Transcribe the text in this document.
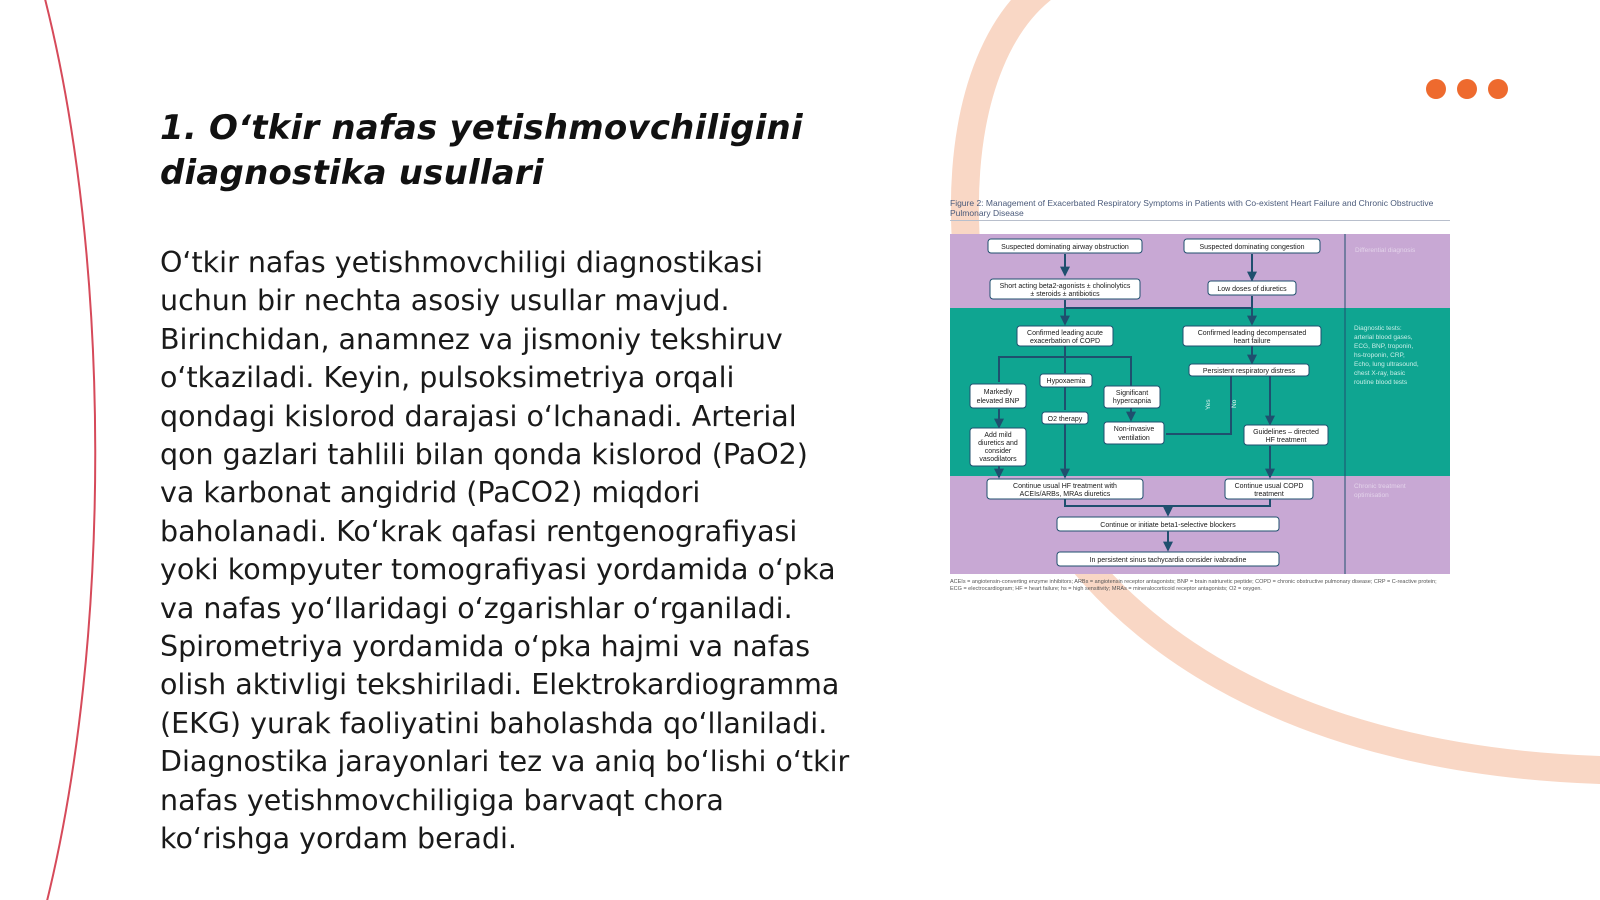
1. O‘tkir nafas yetishmovchiligini diagnostika usullari

O‘tkir nafas yetishmovchiligi diagnostikasi uchun bir nechta asosiy usullar mavjud. Birinchidan, anamnez va jismoniy tekshiruv o‘tkaziladi. Keyin, pulsoksimetriya orqali qondagi kislorod darajasi o‘lchanadi. Arterial qon gazlari tahlili bilan qonda kislorod (PaO2) va karbonat angidrid (PaCO2) miqdori baholanadi. Ko‘krak qafasi rentgenografiyasi yoki kompyuter tomografiyasi yordamida o‘pka va nafas yo‘llaridagi o‘zgarishlar o‘rganiladi. Spirometriya yordamida o‘pka hajmi va nafas olish aktivligi tekshiriladi. Elektrokardiogramma (EKG) yurak faoliyatini baholashda qo‘llaniladi. Diagnostika jarayonlari tez va aniq bo‘lishi o‘tkir nafas yetishmovchiligiga barvaqt chora ko‘rishga yordam beradi.

Figure 2: Management of Exacerbated Respiratory Symptoms in Patients with Co-existent Heart Failure and Chronic Obstructive Pulmonary Disease
Suspected dominating airway obstruction	Suspected dominating congestion
Short acting beta2-agonists ± cholinolytics
± steroids ± antibiotics
Low doses of diuretics
Confirmed leading acute
exacerbation of COPD
Confirmed leading decompensated
heart failure
Persistent respiratory distress
Markedly
elevated BNP
Hypoxaemia
Significant
hypercapnia
O2 therapy
Add mild
diuretics and
consider
vasodilators
Non-invasive
ventilation
Guidelines – directed
HF treatment
Continue usual HF treatment with
ACEIs/ARBs, MRAs diuretics
Continue usual COPD
treatment
Continue or initiate beta1-selective blockers
In persistent sinus tachycardia consider ivabradine
Yes	No
Differential diagnosis
Diagnostic tests:
arterial blood gases,
ECG, BNP, troponin,
hs-troponin, CRP,
Echo, lung ultrasound,
chest X-ray, basic
routine blood tests
Chronic treatment
optimisation
ACEIs = angiotensin-converting enzyme inhibitors; ARBs = angiotensin receptor antagonists; BNP = brain natriuretic peptide; COPD = chronic obstructive pulmonary disease; CRP = C-reactive protein; ECG = electrocardiogram; HF = heart failure; hs = high sensitivity; MRAs = mineralocorticoid receptor antagonists; O2 = oxygen.
